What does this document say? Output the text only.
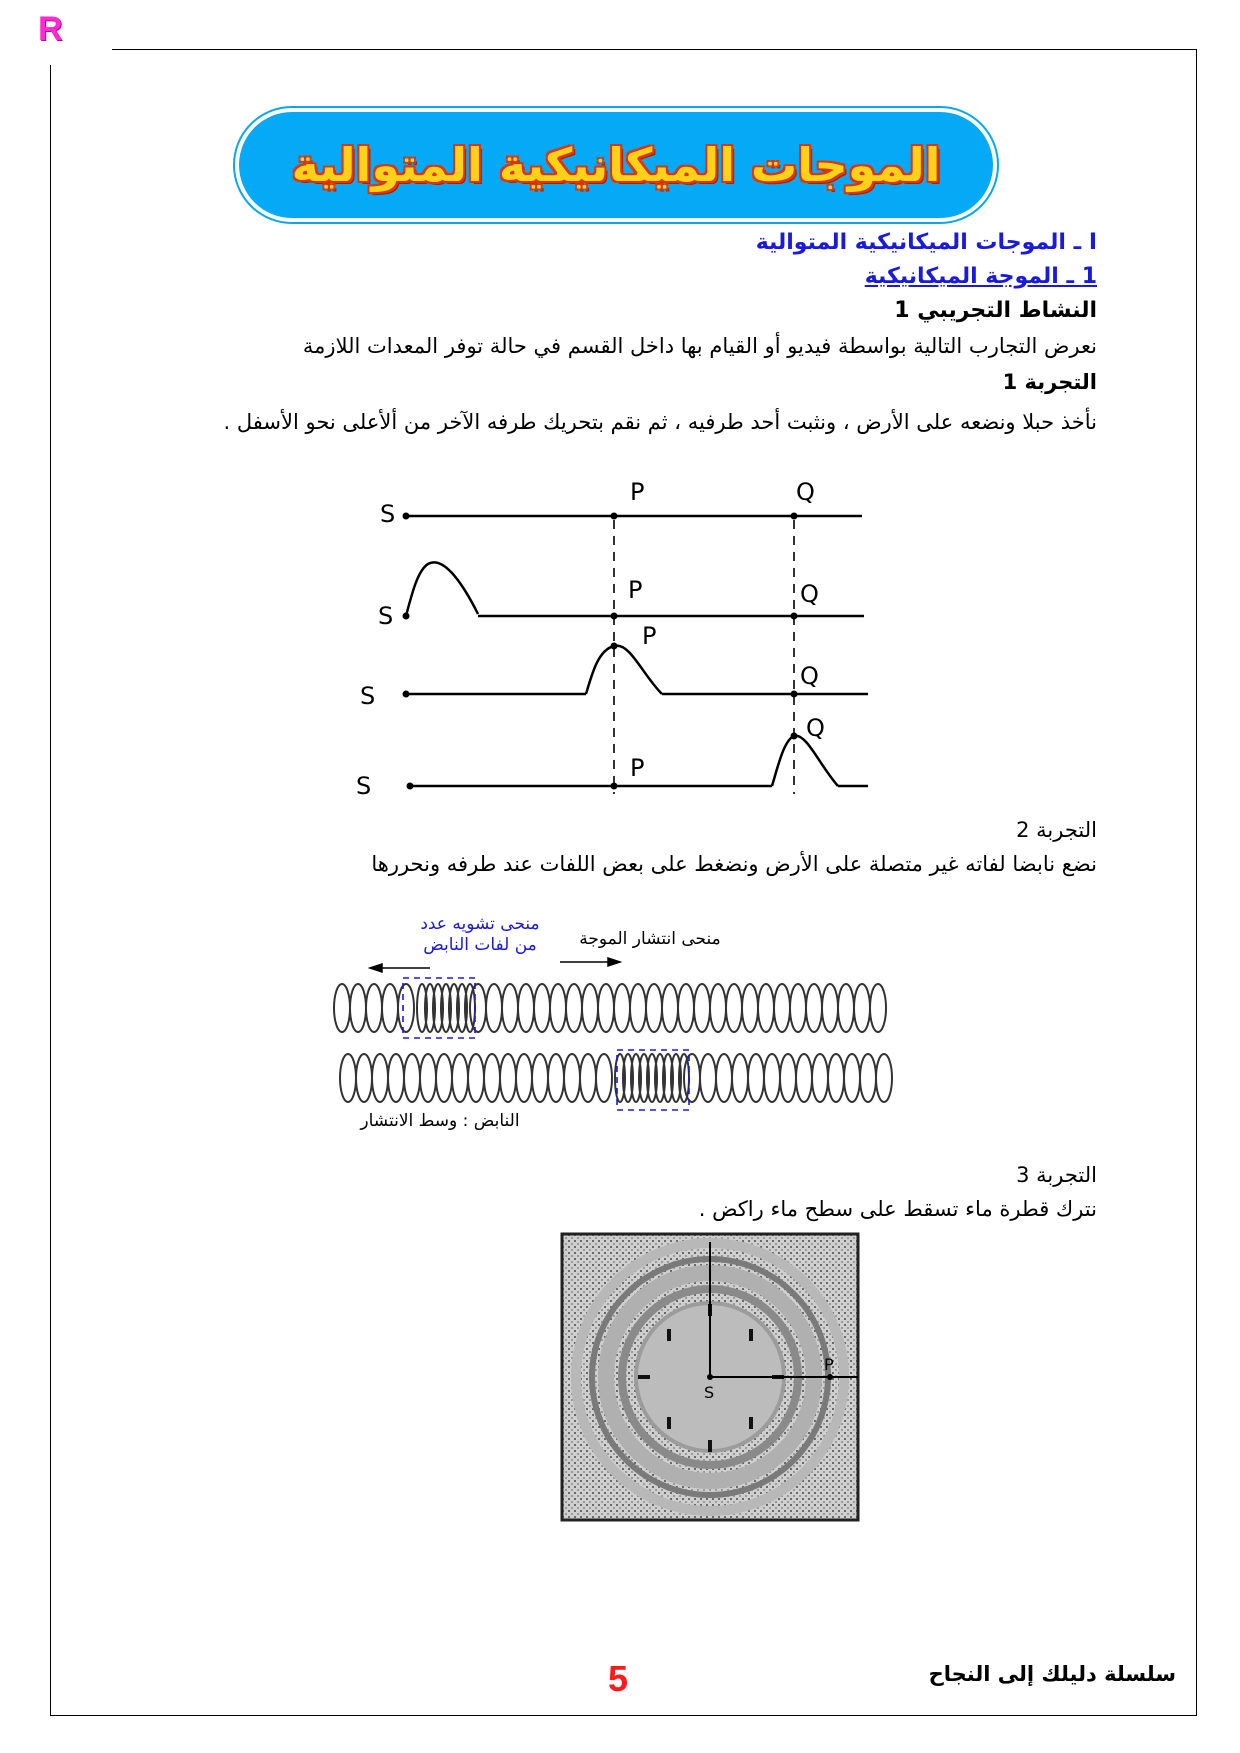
R
الموجات الميكانيكية المتوالية
I ـ الموجات الميكانيكية المتوالية
1 ـ الموجة الميكانيكية
النشاط التجريبي 1
نعرض التجارب التالية بواسطة فيديو أو القيام بها داخل القسم في حالة توفر المعدات اللازمة
التجربة 1
نأخذ حبلا ونضعه على الأرض ، ونثبت أحد طرفيه ، ثم نقم بتحريك طرفه الآخر من ألأعلى نحو الأسفل .
S
P	Q
S
P	Q
S
P
Q
S
P
Q
التجربة 2
نضع نابضا لفاته غير متصلة على الأرض ونضغط على بعض اللفات عند طرفه ونحررها
منحى تشويه عدد
من لفات النابض منحى انتشار الموجة
النابض : وسط الانتشار
التجربة 3
نترك قطرة ماء تسقط على سطح ماء راكض .
S
P
5	سلسلة دليلك إلى النجاح
